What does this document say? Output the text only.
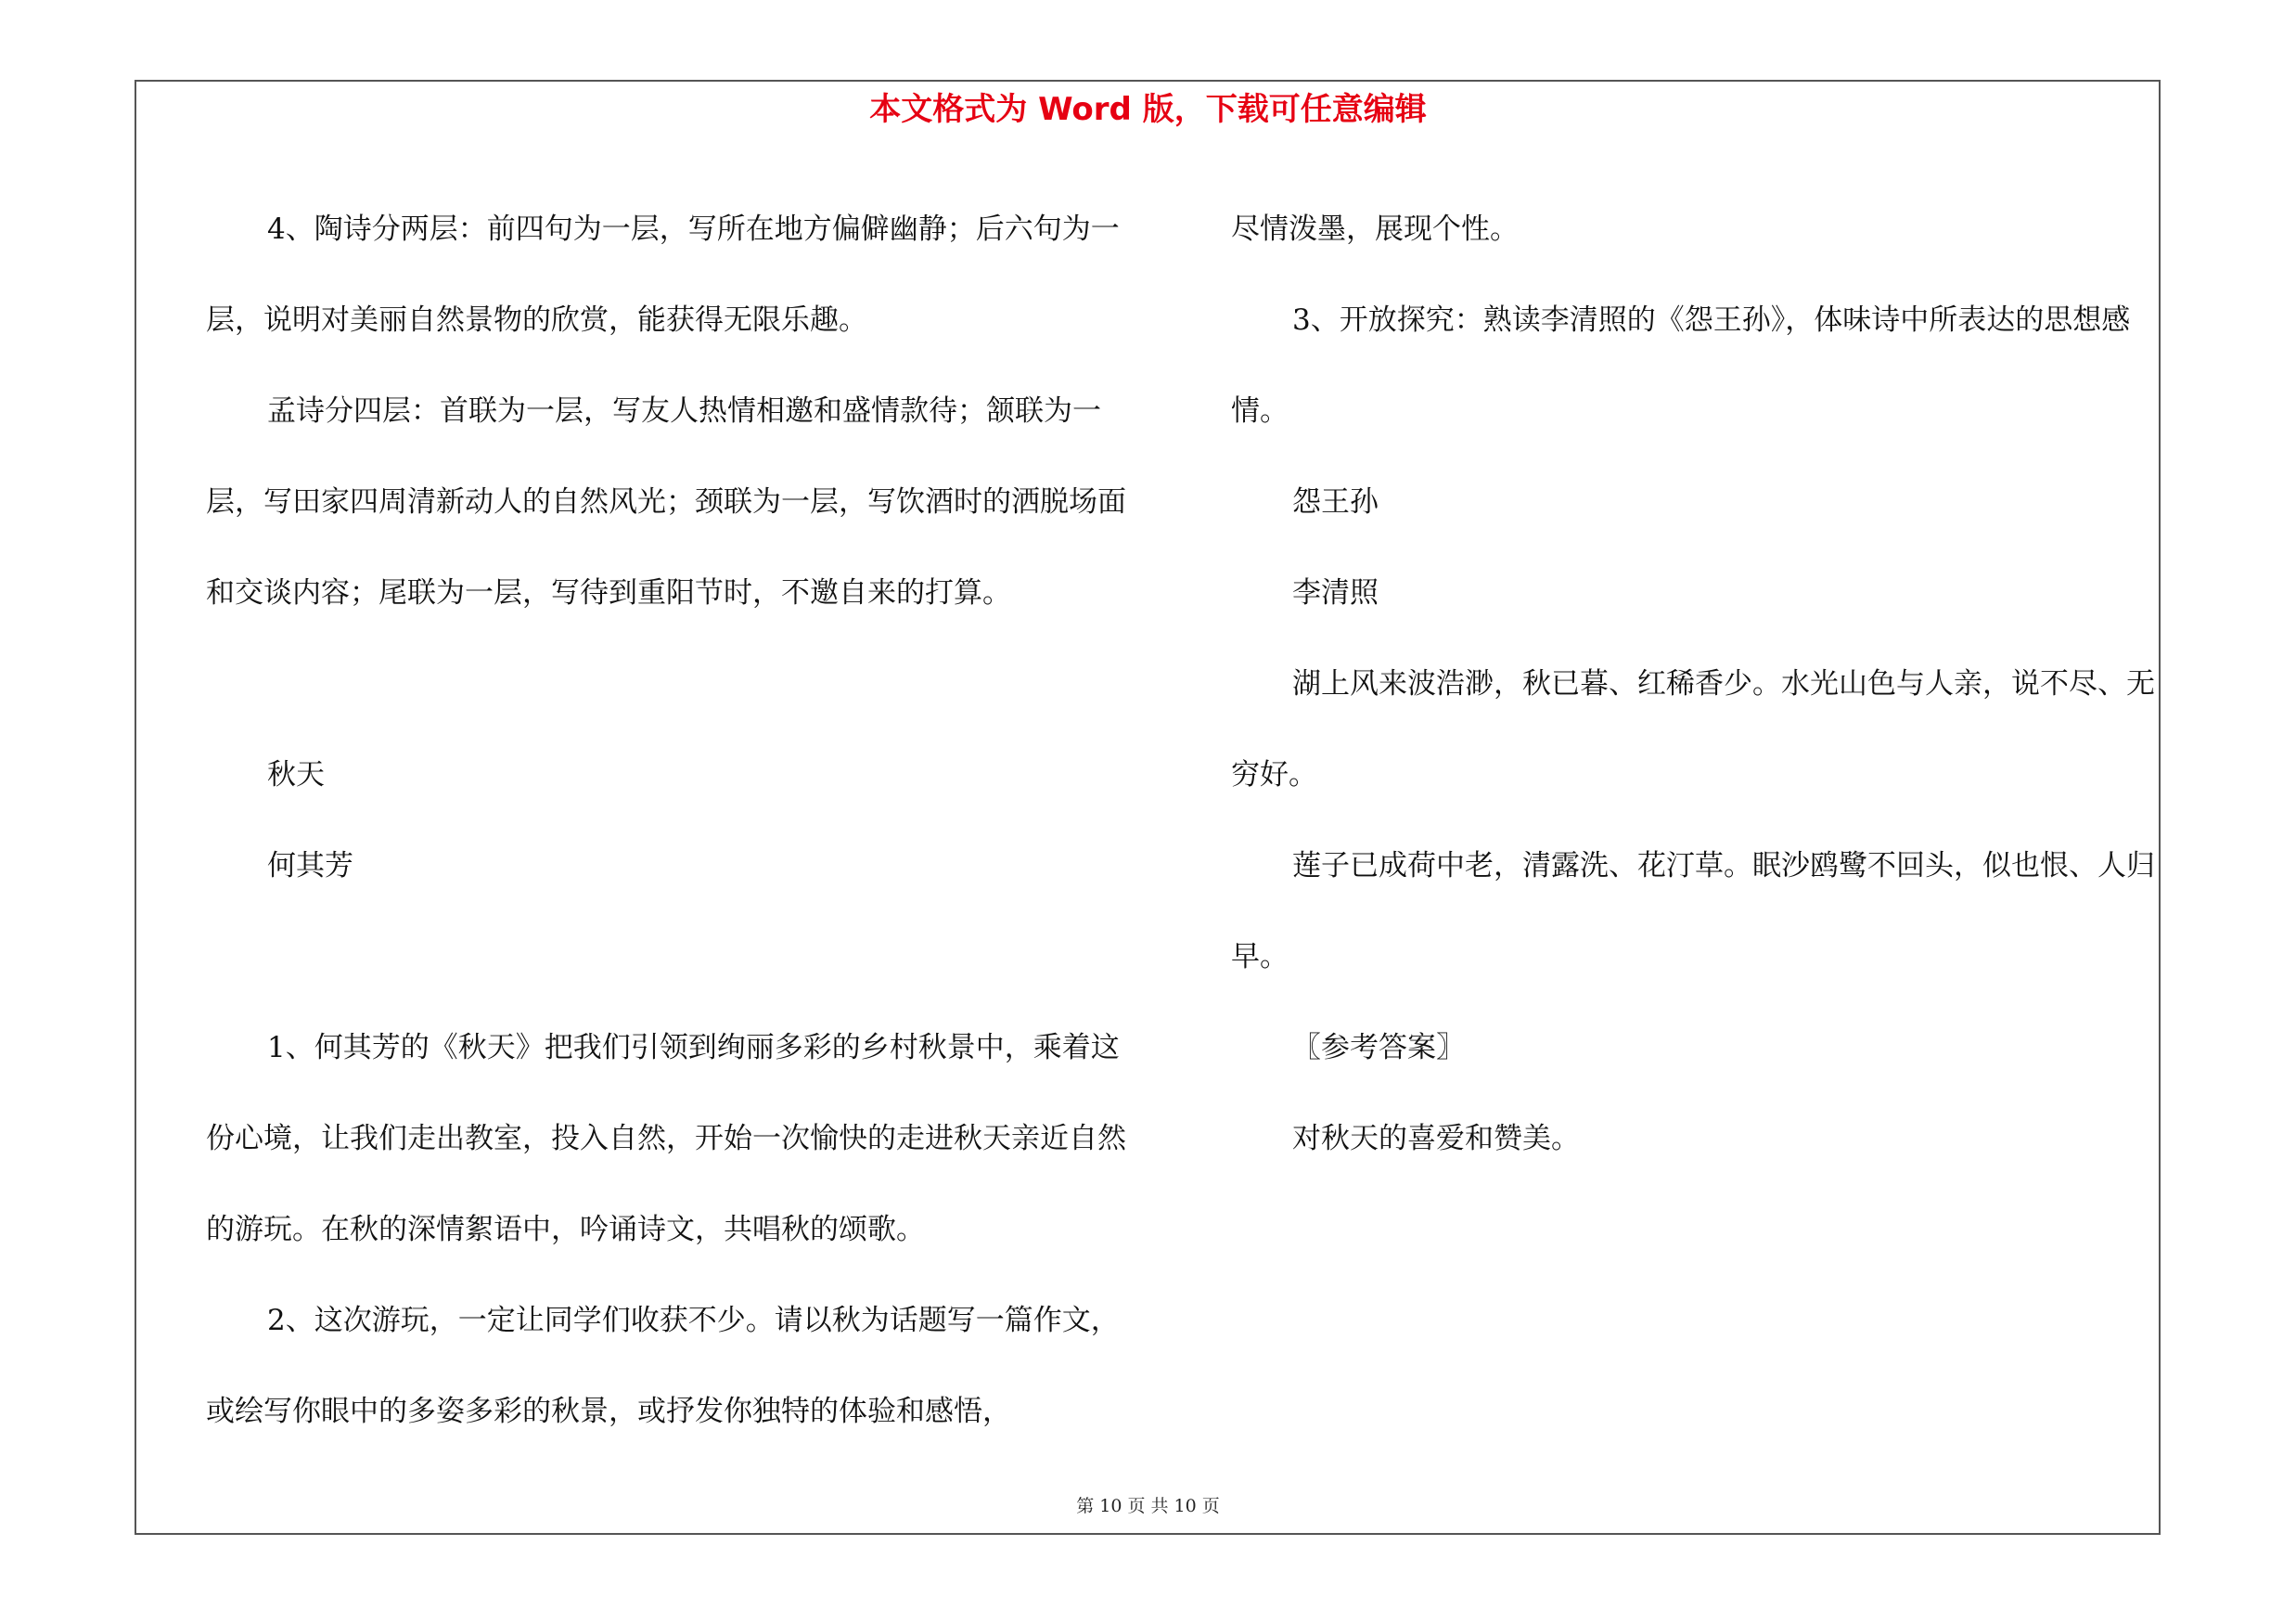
本文格式为 Word 版，下载可任意编辑

4、陶诗分两层：前四句为一层，写所在地方偏僻幽静；后六句为一层，说明对美丽自然景物的欣赏，能获得无限乐趣。

孟诗分四层：首联为一层，写友人热情相邀和盛情款待；颔联为一层，写田家四周清新动人的自然风光；颈联为一层，写饮酒时的洒脱场面和交谈内容；尾联为一层，写待到重阳节时，不邀自来的打算。

秋天

何其芳

1、何其芳的《秋天》把我们引领到绚丽多彩的乡村秋景中，乘着这份心境，让我们走出教室，投入自然，开始一次愉快的走进秋天亲近自然的游玩。在秋的深情絮语中，吟诵诗文，共唱秋的颂歌。

2、这次游玩，一定让同学们收获不少。请以秋为话题写一篇作文，或绘写你眼中的多姿多彩的秋景，或抒发你独特的体验和感悟，

尽情泼墨，展现个性。

3、开放探究：熟读李清照的《怨王孙》，体味诗中所表达的思想感情。

怨王孙

李清照

湖上风来波浩渺，秋已暮、红稀香少。水光山色与人亲，说不尽、无穷好。

莲子已成荷中老，清露洗、花汀草。眠沙鸥鹭不回头，似也恨、人归早。

〖参考答案〗

对秋天的喜爱和赞美。

第 10 页 共 10 页
